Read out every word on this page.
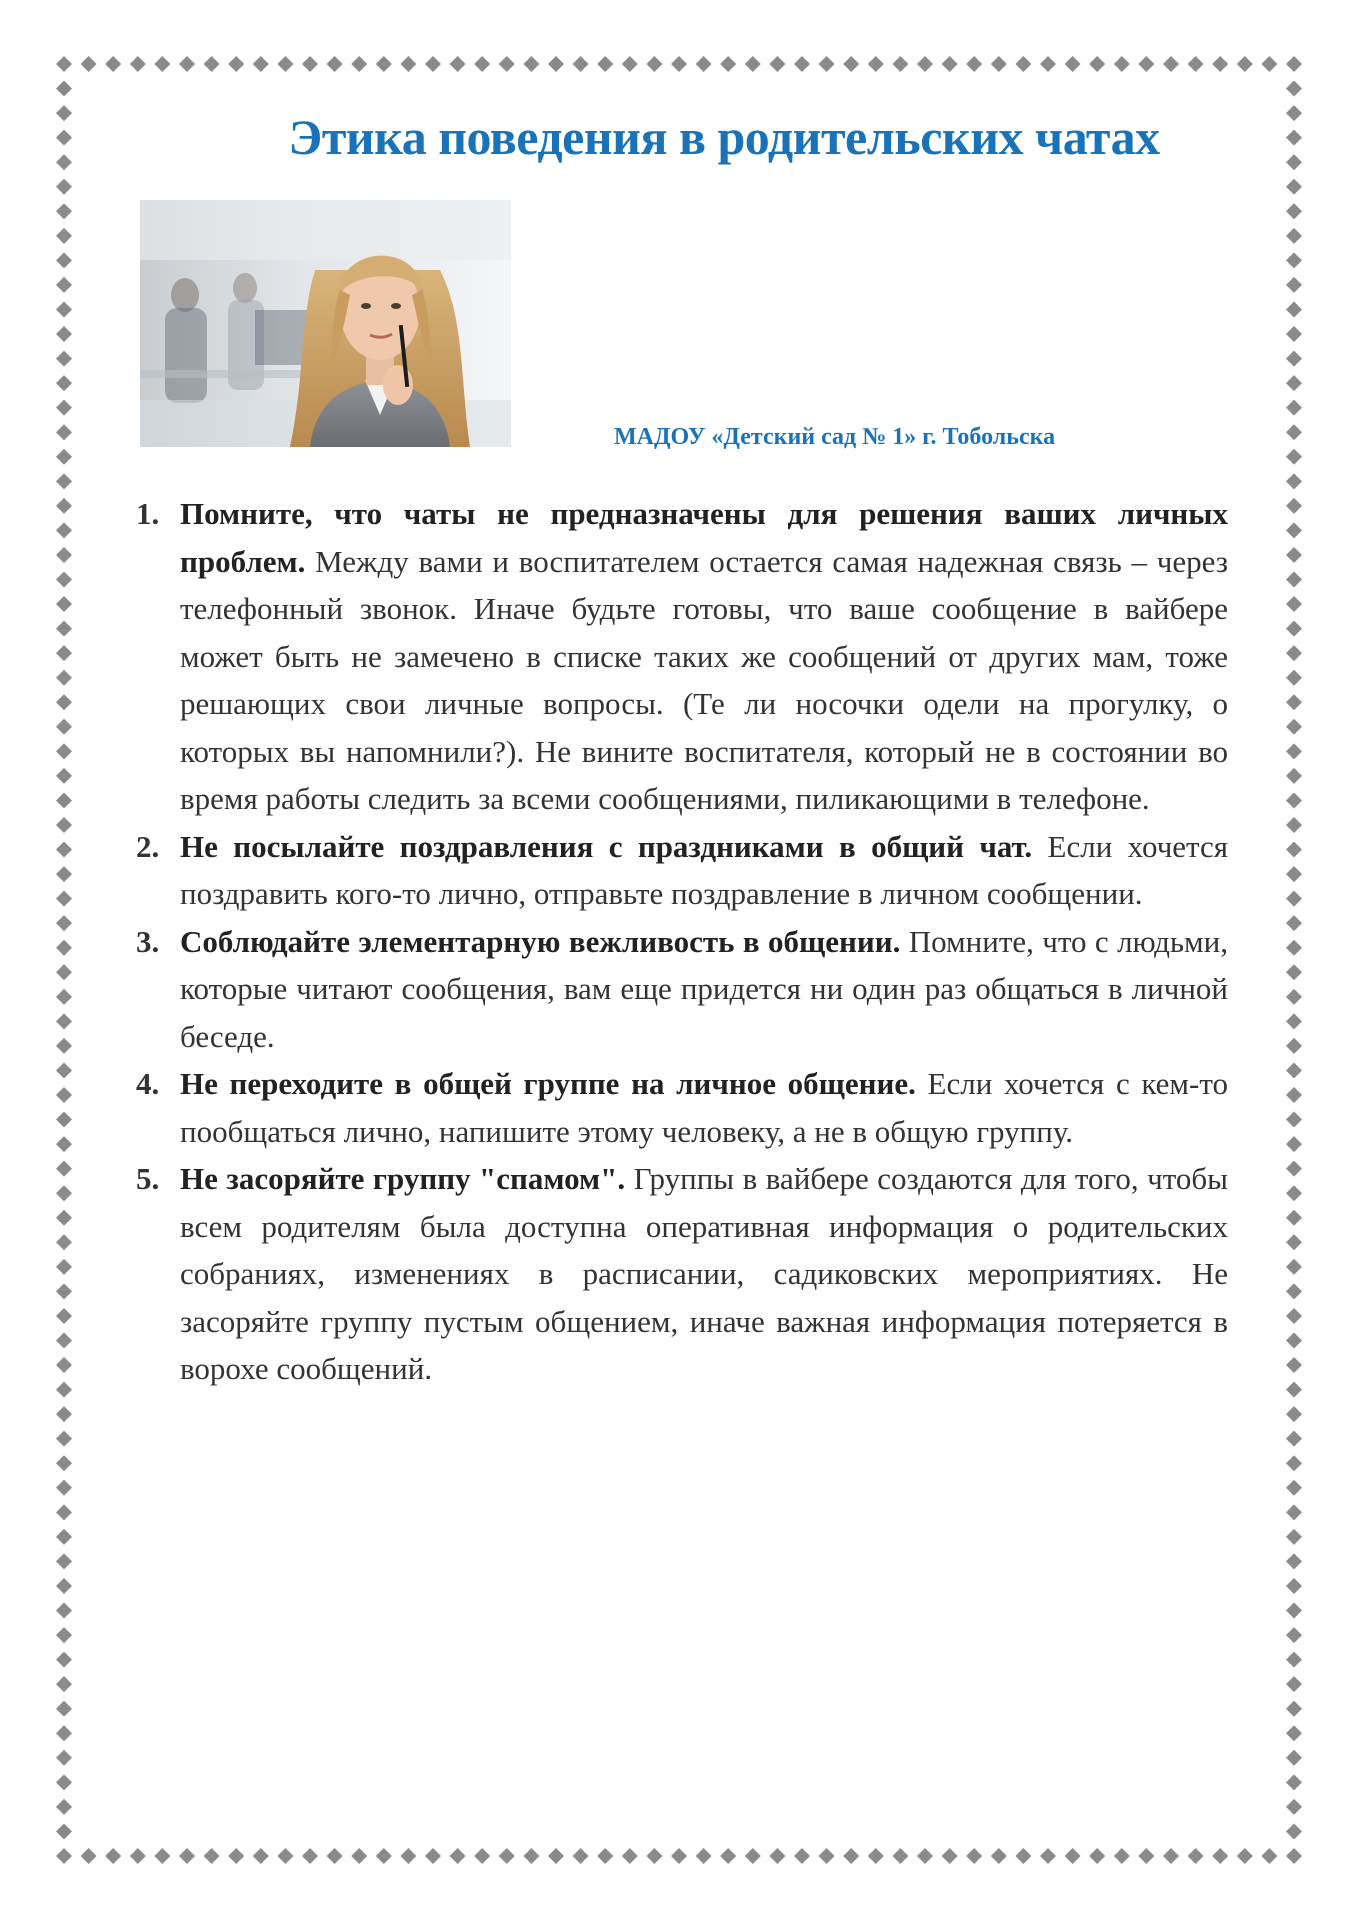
Этика поведения в родительских чатах
МАДОУ «Детский сад № 1» г. Тобольска
1. Помните, что чаты не предназначены для решения ваших личных проблем. Между вами и воспитателем остается самая надежная связь – через телефонный звонок. Иначе будьте готовы, что ваше сообщение в вайбере может быть не замечено в списке таких же сообщений от других мам, тоже решающих свои личные вопросы. (Те ли носочки одели на прогулку, о которых вы напомнили?). Не вините воспитателя, который не в состоянии во время работы следить за всеми сообщениями, пиликающими в телефоне.
2. Не посылайте поздравления с праздниками в общий чат. Если хочется поздравить кого-то лично, отправьте поздравление в личном сообщении.
3. Соблюдайте элементарную вежливость в общении. Помните, что с людьми, которые читают сообщения, вам еще придется ни один раз общаться в личной беседе.
4. Не переходите в общей группе на личное общение. Если хочется с кем-то пообщаться лично, напишите этому человеку, а не в общую группу.
5. Не засоряйте группу "спамом". Группы в вайбере создаются для того, чтобы всем родителям была доступна оперативная информация о родительских собраниях, изменениях в расписании, садиковских мероприятиях. Не засоряйте группу пустым общением, иначе важная информация потеряется в ворохе сообщений.
